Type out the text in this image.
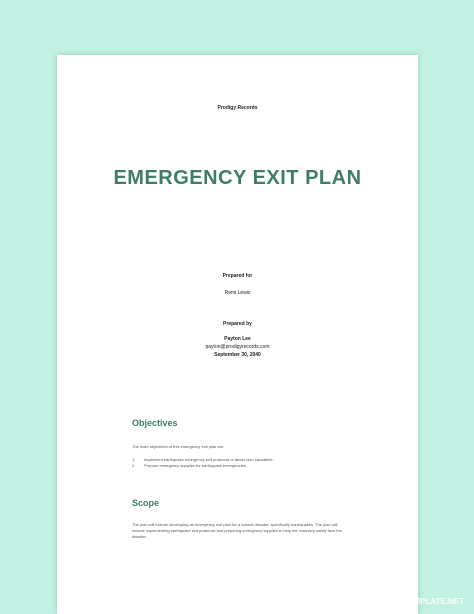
Prodigy Records
EMERGENCY EXIT PLAN
Prepared for
Remi Lewis
Prepared by
Payton Lee
payton@prodigyrecords.com
September 30, 2040
Objectives
The main objectives of this emergency exit plan are:
1.	Implement earthquake emergency exit protocols to attain zero casualties.
2.	Prepare emergency supplies for earthquake emergencies.
Scope
The plan will include developing an emergency exit plan for a natural disaster, specifically earthquakes. The plan will include implementing earthquake exit protocols and preparing emergency supplies to help the company safely face the disaster.
TEMPLATE.NET
